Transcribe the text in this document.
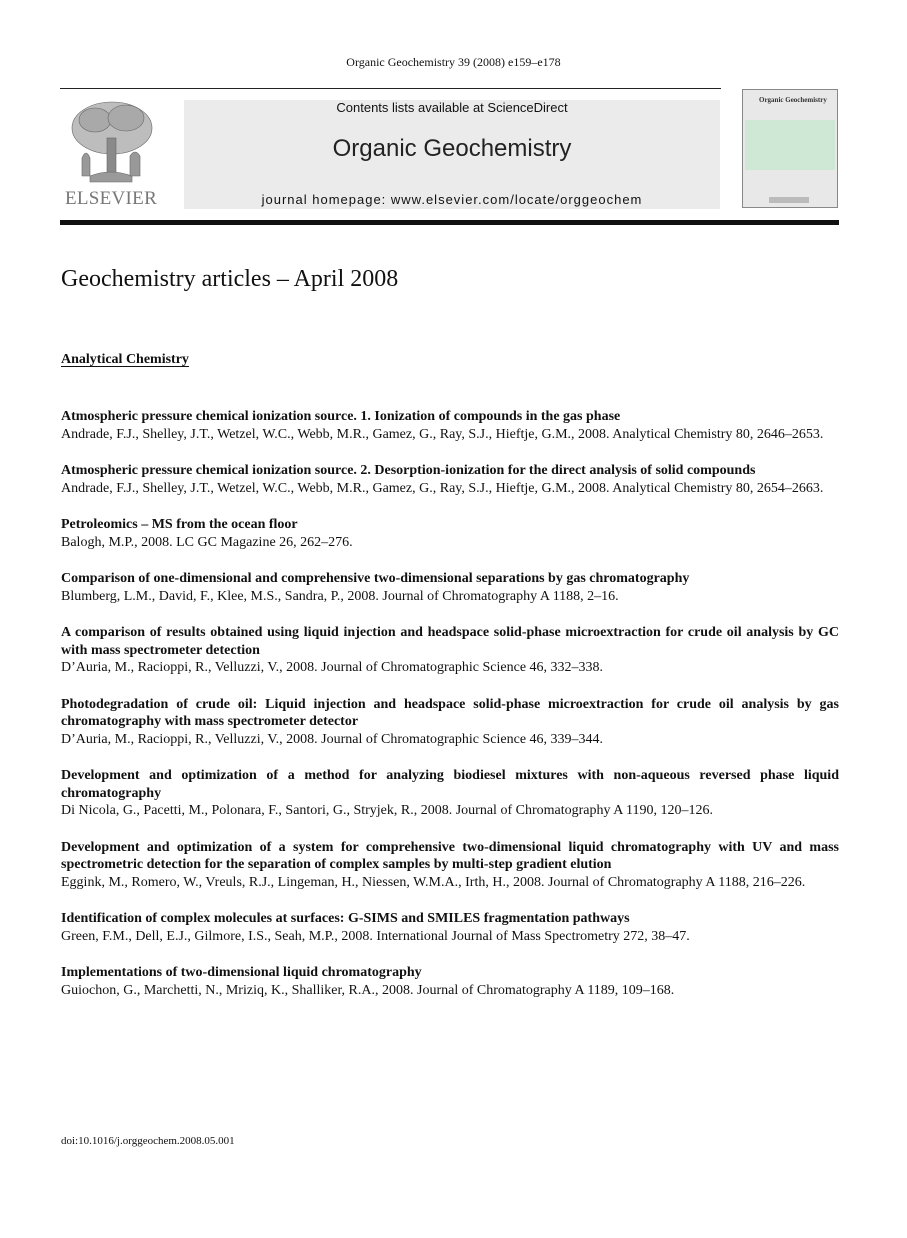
Organic Geochemistry 39 (2008) e159–e178
ELSEVIER
Contents lists available at ScienceDirect
Organic Geochemistry
journal homepage: www.elsevier.com/locate/orggeochem
Organic Geochemistry
Geochemistry articles – April 2008
Analytical Chemistry
Atmospheric pressure chemical ionization source. 1. Ionization of compounds in the gas phase
Andrade, F.J., Shelley, J.T., Wetzel, W.C., Webb, M.R., Gamez, G., Ray, S.J., Hieftje, G.M., 2008. Analytical Chemistry 80, 2646–2653.
Atmospheric pressure chemical ionization source. 2. Desorption-ionization for the direct analysis of solid compounds
Andrade, F.J., Shelley, J.T., Wetzel, W.C., Webb, M.R., Gamez, G., Ray, S.J., Hieftje, G.M., 2008. Analytical Chemistry 80, 2654–2663.
Petroleomics – MS from the ocean floor
Balogh, M.P., 2008. LC GC Magazine 26, 262–276.
Comparison of one-dimensional and comprehensive two-dimensional separations by gas chromatography
Blumberg, L.M., David, F., Klee, M.S., Sandra, P., 2008. Journal of Chromatography A 1188, 2–16.
A comparison of results obtained using liquid injection and headspace solid-phase microextraction for crude oil analysis by GC with mass spectrometer detection
D’Auria, M., Racioppi, R., Velluzzi, V., 2008. Journal of Chromatographic Science 46, 332–338.
Photodegradation of crude oil: Liquid injection and headspace solid-phase microextraction for crude oil analysis by gas chromatography with mass spectrometer detector
D’Auria, M., Racioppi, R., Velluzzi, V., 2008. Journal of Chromatographic Science 46, 339–344.
Development and optimization of a method for analyzing biodiesel mixtures with non-aqueous reversed phase liquid chromatography
Di Nicola, G., Pacetti, M., Polonara, F., Santori, G., Stryjek, R., 2008. Journal of Chromatography A 1190, 120–126.
Development and optimization of a system for comprehensive two-dimensional liquid chromatography with UV and mass spectrometric detection for the separation of complex samples by multi-step gradient elution
Eggink, M., Romero, W., Vreuls, R.J., Lingeman, H., Niessen, W.M.A., Irth, H., 2008. Journal of Chromatography A 1188, 216–226.
Identification of complex molecules at surfaces: G-SIMS and SMILES fragmentation pathways
Green, F.M., Dell, E.J., Gilmore, I.S., Seah, M.P., 2008. International Journal of Mass Spectrometry 272, 38–47.
Implementations of two-dimensional liquid chromatography
Guiochon, G., Marchetti, N., Mriziq, K., Shalliker, R.A., 2008. Journal of Chromatography A 1189, 109–168.
doi:10.1016/j.orggeochem.2008.05.001
